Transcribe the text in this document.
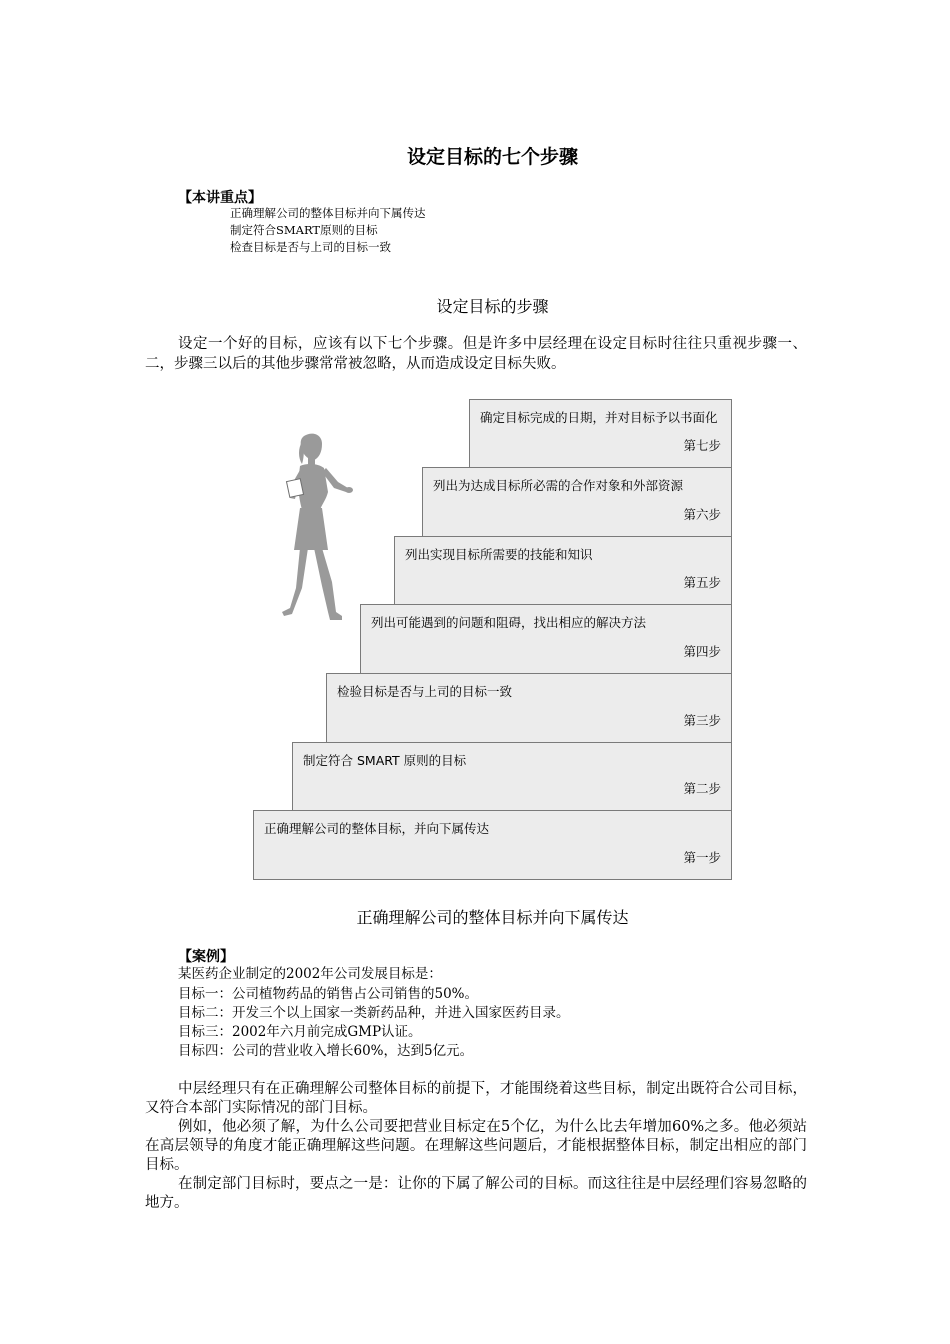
设定目标的七个步骤
【本讲重点】
正确理解公司的整体目标并向下属传达
制定符合SMART原则的目标
检查目标是否与上司的目标一致
设定目标的步骤
设定一个好的目标，应该有以下七个步骤。但是许多中层经理在设定目标时往往只重视步骤一、二，步骤三以后的其他步骤常常被忽略，从而造成设定目标失败。
正确理解公司的整体目标，并向下属传达
第一步
制定符合 SMART 原则的目标
第二步
检验目标是否与上司的目标一致
第三步
列出可能遇到的问题和阻碍，找出相应的解决方法
第四步
列出实现目标所需要的技能和知识
第五步
列出为达成目标所必需的合作对象和外部资源
第六步
确定目标完成的日期，并对目标予以书面化
第七步
正确理解公司的整体目标并向下属传达
【案例】
某医药企业制定的2002年公司发展目标是：
目标一：公司植物药品的销售占公司销售的50%。
目标二：开发三个以上国家一类新药品种，并进入国家医药目录。
目标三：2002年六月前完成GMP认证。
目标四：公司的营业收入增长60%，达到5亿元。

中层经理只有在正确理解公司整体目标的前提下，才能围绕着这些目标，制定出既符合公司目标，又符合本部门实际情况的部门目标。

例如，他必须了解，为什么公司要把营业目标定在5个亿，为什么比去年增加60%之多。他必须站在高层领导的角度才能正确理解这些问题。在理解这些问题后，才能根据整体目标，制定出相应的部门目标。

在制定部门目标时，要点之一是：让你的下属了解公司的目标。而这往往是中层经理们容易忽略的地方。
